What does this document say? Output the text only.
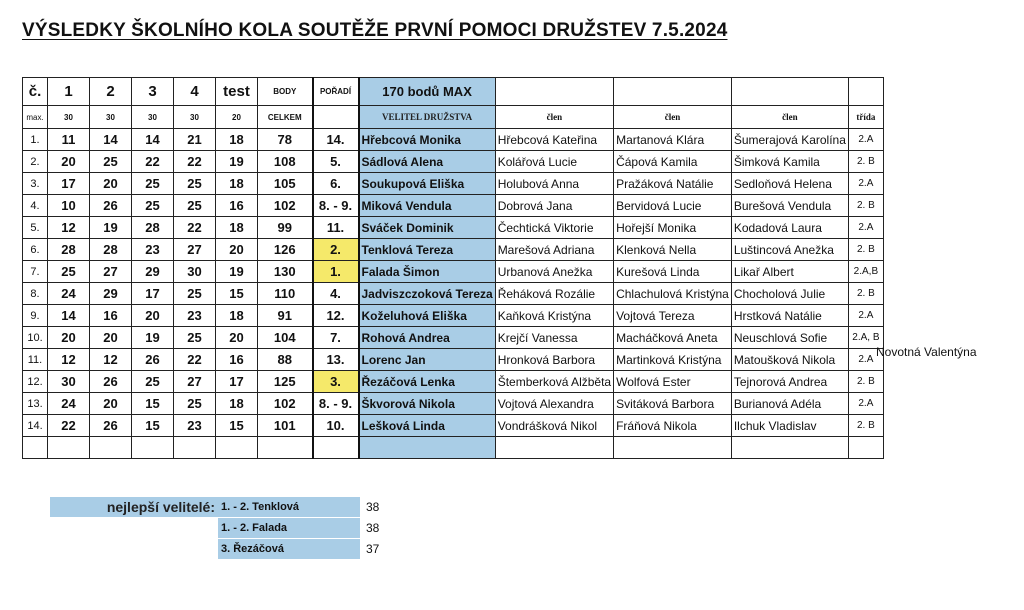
VÝSLEDKY ŠKOLNÍHO KOLA SOUTĚŽE PRVNÍ POMOCI DRUŽSTEV 7.5.2024
č.	1	2	3	4	test	BODY	POŘADÍ	170 bodů MAX				
max.	30	30	30	30	20	CELKEM		VELITEL DRUŽSTVA	člen	člen	člen	třída
1.	11	14	14	21	18	78	14.	Hřebcová Monika	Hřebcová Kateřina	Martanová Klára	Šumerajová Karolína	2.A
2.	20	25	22	22	19	108	5.	Sádlová Alena	Kolářová Lucie	Čápová Kamila	Šimková Kamila	2. B
3.	17	20	25	25	18	105	6.	Soukupová Eliška	Holubová Anna	Pražáková Natálie	Sedloňová Helena	2.A
4.	10	26	25	25	16	102	8. - 9.	Miková Vendula	Dobrová Jana	Bervidová Lucie	Burešová Vendula	2. B
5.	12	19	28	22	18	99	11.	Sváček Dominik	Čechtická Viktorie	Hořejší Monika	Kodadová Laura	2.A
6.	28	28	23	27	20	126	2.	Tenklová Tereza	Marešová Adriana	Klenková Nella	Luštincová Anežka	2. B
7.	25	27	29	30	19	130	1.	Falada Šimon	Urbanová Anežka	Kurešová Linda	Likař Albert	2.A,B
8.	24	29	17	25	15	110	4.	Jadviszczoková Tereza	Řeháková Rozálie	Chlachulová Kristýna	Chocholová Julie	2. B
9.	14	16	20	23	18	91	12.	Koželuhová Eliška	Kaňková Kristýna	Vojtová Tereza	Hrstková Natálie	2.A
10.	20	20	19	25	20	104	7.	Rohová Andrea	Krejčí Vanessa	Macháčková Aneta	Neuschlová Sofie	2.A, B
11.	12	12	26	22	16	88	13.	Lorenc Jan	Hronková Barbora	Martinková Kristýna	Matoušková Nikola	2.A
12.	30	26	25	27	17	125	3.	Řezáčová Lenka	Štemberková Alžběta	Wolfová Ester	Tejnorová Andrea	2. B
13.	24	20	15	25	18	102	8. - 9.	Škvorová Nikola	Vojtová Alexandra	Svitáková Barbora	Burianová Adéla	2.A
14.	22	26	15	23	15	101	10.	Lešková Linda	Vondrášková Nikol	Fráňová Nikola	Ilchuk Vladislav	2. B

Novotná Valentýna
nejlepší velitelé: 1. - 2. Tenklová	38
1. - 2. Falada	38
3. Řezáčová	37
